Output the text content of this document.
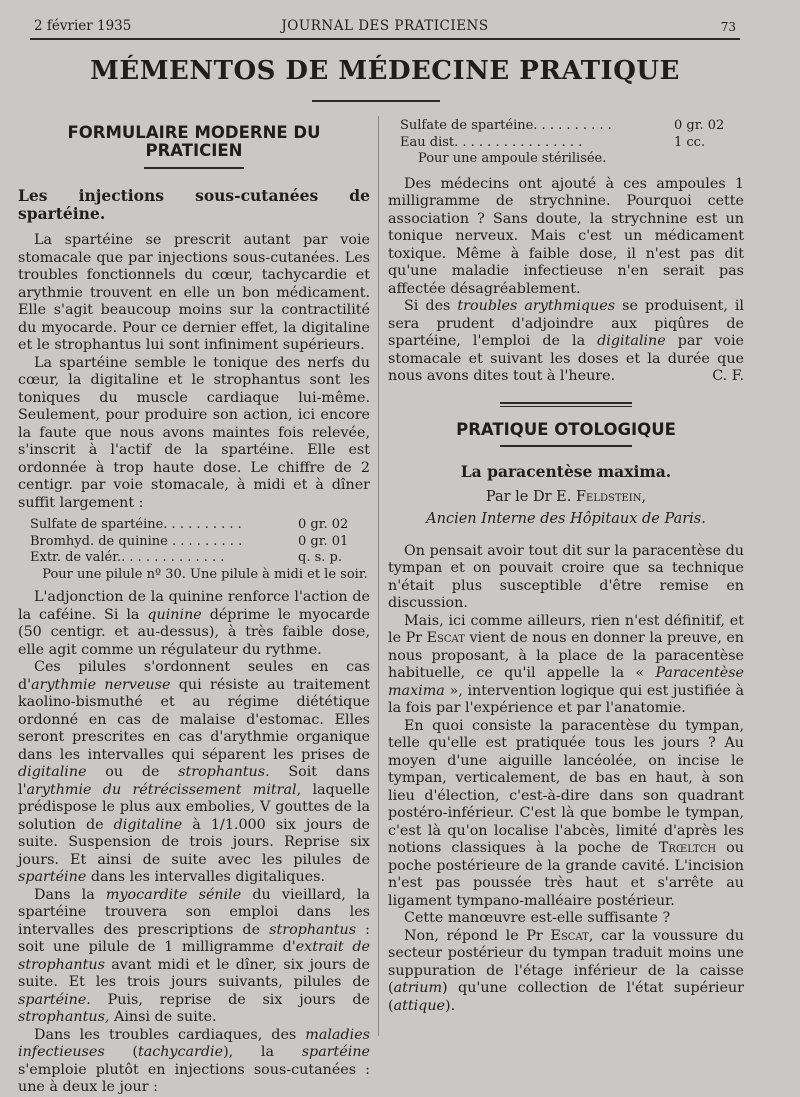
2 février 1935	JOURNAL DES PRATICIENS	73
MÉMENTOS DE MÉDECINE PRATIQUE
FORMULAIRE MODERNE DU PRATICIEN
Les injections sous-cutanées de spartéine.

La spartéine se prescrit autant par voie stomacale que par injections sous-cutanées. Les troubles fonctionnels du cœur, tachycardie et arythmie trouvent en elle un bon médicament. Elle s'agit beaucoup moins sur la contractilité du myocarde. Pour ce dernier effet, la digitaline et le strophantus lui sont infiniment supérieurs.

La spartéine semble le tonique des nerfs du cœur, la digitaline et le strophantus sont les toniques du muscle cardiaque lui-même. Seulement, pour produire son action, ici encore la faute que nous avons maintes fois relevée, s'inscrit à l'actif de la spartéine. Elle est ordonnée à trop haute dose. Le chiffre de 2 centigr. par voie stomacale, à midi et à dîner suffit largement :

Sulfate de spartéine. . . . . . . . . .	0 gr. 02
Bromhyd. de quinine . . . . . . . . .	0 gr. 01
Extr. de valér.. . . . . . . . . . . . .	q. s. p.
Pour une pilule nº 30. Une pilule à midi et le soir.

L'adjonction de la quinine renforce l'action de la caféine. Si la quinine déprime le myocarde (50 centigr. et au-dessus), à très faible dose, elle agit comme un régulateur du rythme.

Ces pilules s'ordonnent seules en cas d'arythmie nerveuse qui résiste au traitement kaolino-bismuthé et au régime diététique ordonné en cas de malaise d'estomac. Elles seront prescrites en cas d'arythmie organique dans les intervalles qui séparent les prises de digitaline ou de strophantus. Soit dans l'arythmie du rétrécissement mitral, laquelle prédispose le plus aux embolies, V gouttes de la solution de digitaline à 1/1.000 six jours de suite. Suspension de trois jours. Reprise six jours. Et ainsi de suite avec les pilules de spartéine dans les intervalles digitaliques.

Dans la myocardite sénile du vieillard, la spartéine trouvera son emploi dans les intervalles des prescriptions de strophantus : soit une pilule de 1 milligramme d'extrait de strophantus avant midi et le dîner, six jours de suite. Et les trois jours suivants, pilules de spartéine. Puis, reprise de six jours de strophantus, Ainsi de suite.

Dans les troubles cardiaques, des maladies infectieuses (tachycardie), la spartéine s'emploie plutôt en injections sous-cutanées : une à deux le jour :

Sulfate de spartéine. . . . . . . . . .	0 gr. 02
Eau dist. . . . . . . . . . . . . . . .	1 cc.
Pour une ampoule stérilisée.

Des médecins ont ajouté à ces ampoules 1 milligramme de strychnine. Pourquoi cette association ? Sans doute, la strychnine est un tonique nerveux. Mais c'est un médicament toxique. Même à faible dose, il n'est pas dit qu'une maladie infectieuse n'en serait pas affectée désagréablement.

Si des troubles arythmiques se produisent, il sera prudent d'adjoindre aux piqûres de spartéine, l'emploi de la digitaline par voie stomacale et suivant les doses et la durée que nous avons dites tout à l'heure.	C. F.

PRATIQUE OTOLOGIQUE
La paracentèse maxima.
Par le Dr E. Feldstein,
Ancien Interne des Hôpitaux de Paris.

On pensait avoir tout dit sur la paracentèse du tympan et on pouvait croire que sa technique n'était plus susceptible d'être remise en discussion.

Mais, ici comme ailleurs, rien n'est définitif, et le Pr Escat vient de nous en donner la preuve, en nous proposant, à la place de la paracentèse habituelle, ce qu'il appelle la « Paracentèse maxima », intervention logique qui est justifiée à la fois par l'expérience et par l'anatomie.

En quoi consiste la paracentèse du tympan, telle qu'elle est pratiquée tous les jours ? Au moyen d'une aiguille lancéolée, on incise le tympan, verticalement, de bas en haut, à son lieu d'élection, c'est-à-dire dans son quadrant postéro-inférieur. C'est là que bombe le tympan, c'est là qu'on localise l'abcès, limité d'après les notions classiques à la poche de Trœltch ou poche postérieure de la grande cavité. L'incision n'est pas poussée très haut et s'arrête au ligament tympano-malléaire postérieur.

Cette manœuvre est-elle suffisante ?

Non, répond le Pr Escat, car la voussure du secteur postérieur du tympan traduit moins une suppuration de l'étage inférieur de la caisse (atrium) qu'une collection de l'état supérieur (attique).
